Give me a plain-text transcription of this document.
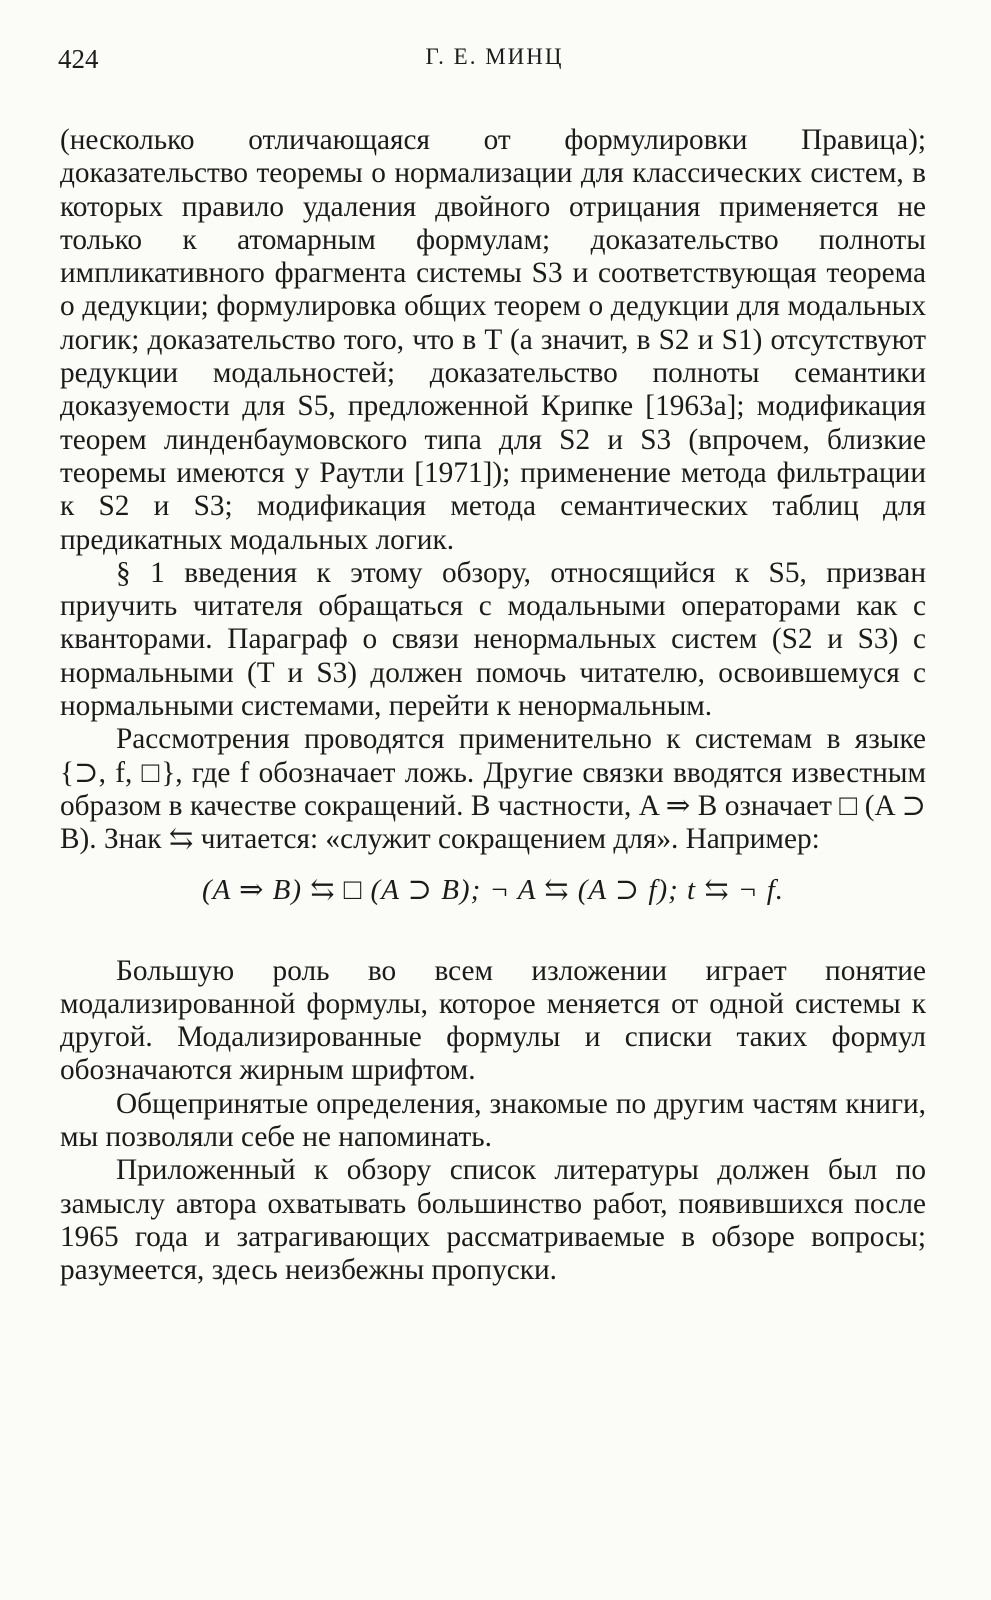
424	Г. Е. МИНЦ

(несколько отличающаяся от формулировки Правица); доказательство теоремы о нормализации для классических систем, в которых правило удаления двойного отрицания применяется не только к атомарным формулам; доказательство полноты импликативного фрагмента системы S3 и соответствующая теорема о дедукции; формулировка общих теорем о дедукции для модальных логик; доказательство того, что в T (а значит, в S2 и S1) отсутствуют редукции модальностей; доказательство полноты семантики доказуемости для S5, предложенной Крипке [1963а]; модификация теорем линденбаумовского типа для S2 и S3 (впрочем, близкие теоремы имеются у Раутли [1971]); применение метода фильтрации к S2 и S3; модификация метода семантических таблиц для предикатных модальных логик.

§ 1 введения к этому обзору, относящийся к S5, призван приучить читателя обращаться с модальными операторами как с кванторами. Параграф о связи ненормальных систем (S2 и S3) с нормальными (T и S3) должен помочь читателю, освоившемуся с нормальными системами, перейти к ненормальным.

Рассмотрения проводятся применительно к системам в языке {⊃, f, □}, где f обозначает ложь. Другие связки вводятся известным образом в качестве сокращений. В частности, A ⇒ B означает □ (A ⊃ B). Знак ⇆ читается: «служит сокращением для». Например:

(A ⇒ B) ⇆ □ (A ⊃ B); ¬ A ⇆ (A ⊃ f); t ⇆ ¬ f.

Большую роль во всем изложении играет понятие модализированной формулы, которое меняется от одной системы к другой. Модализированные формулы и списки таких формул обозначаются жирным шрифтом.

Общепринятые определения, знакомые по другим частям книги, мы позволяли себе не напоминать.

Приложенный к обзору список литературы должен был по замыслу автора охватывать большинство работ, появившихся после 1965 года и затрагивающих рассматриваемые в обзоре вопросы; разумеется, здесь неизбежны пропуски.
